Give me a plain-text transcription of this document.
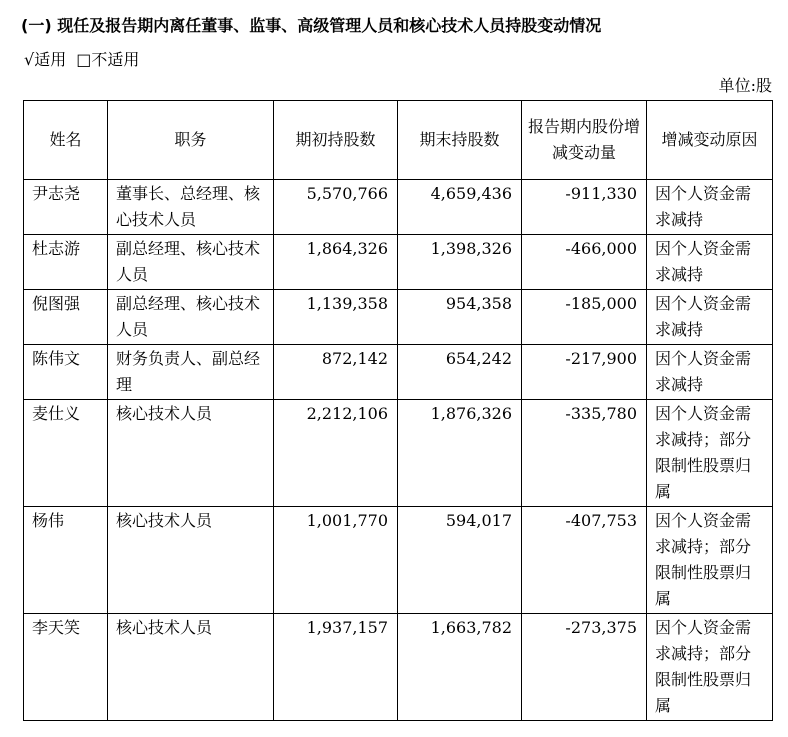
(一) 现任及报告期内离任董事、监事、高级管理人员和核心技术人员持股变动情况
√适用 □不适用
单位:股
姓名	职务	期初持股数	期末持股数	报告期内股份增减变动量	增减变动原因
尹志尧	董事长、总经理、核心技术人员	5,570,766	4,659,436	-911,330	因个人资金需求减持
杜志游	副总经理、核心技术人员	1,864,326	1,398,326	-466,000	因个人资金需求减持
倪图强	副总经理、核心技术人员	1,139,358	954,358	-185,000	因个人资金需求减持
陈伟文	财务负责人、副总经理	872,142	654,242	-217,900	因个人资金需求减持
麦仕义	核心技术人员	2,212,106	1,876,326	-335,780	因个人资金需求减持；部分限制性股票归属
杨伟	核心技术人员	1,001,770	594,017	-407,753	因个人资金需求减持；部分限制性股票归属
李天笑	核心技术人员	1,937,157	1,663,782	-273,375	因个人资金需求减持；部分限制性股票归属
